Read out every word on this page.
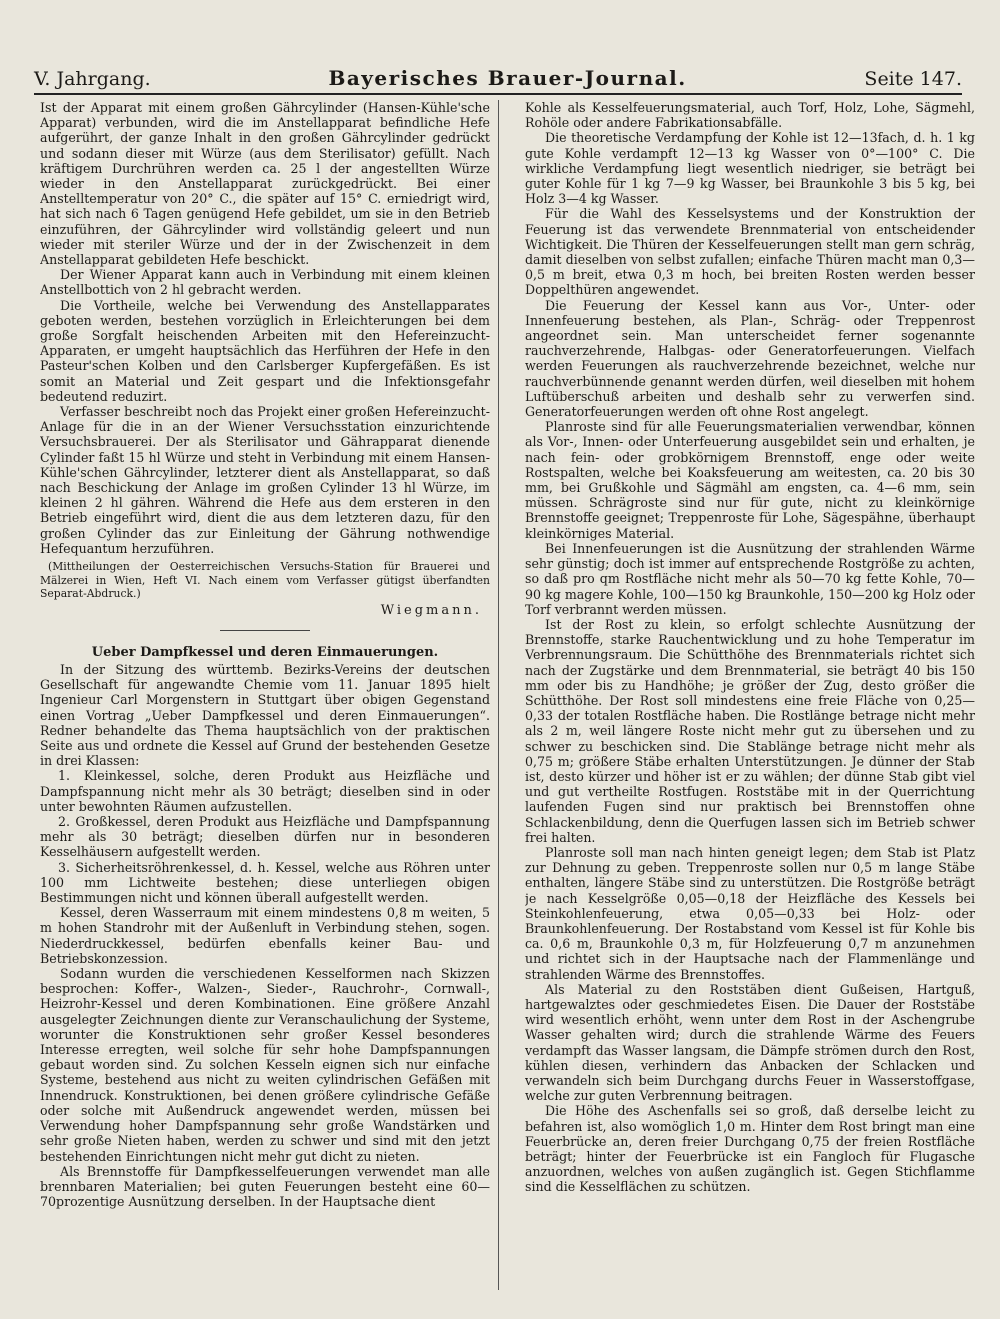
V. Jahrgang.	Bayerisches Brauer-Journal.	Seite 147.

Ist der Apparat mit einem großen Gährcylinder (Hansen-Kühle'sche Apparat) verbunden, wird die im Anstellapparat befindliche Hefe aufgerührt, der ganze Inhalt in den großen Gährcylinder gedrückt und sodann dieser mit Würze (aus dem Sterilisator) gefüllt. Nach kräftigem Durchrühren werden ca. 25 l der angestellten Würze wieder in den Anstellapparat zurückgedrückt. Bei einer Anstelltemperatur von 20° C., die später auf 15° C. erniedrigt wird, hat sich nach 6 Tagen genügend Hefe gebildet, um sie in den Betrieb einzuführen, der Gährcylinder wird vollständig geleert und nun wieder mit steriler Würze und der in der Zwischenzeit in dem Anstellapparat gebildeten Hefe beschickt.

Der Wiener Apparat kann auch in Verbindung mit einem kleinen Anstellbottich von 2 hl gebracht werden.

Die Vortheile, welche bei Verwendung des Anstellapparates geboten werden, bestehen vorzüglich in Erleichterungen bei dem große Sorgfalt heischenden Arbeiten mit den Hefereinzucht-Apparaten, er umgeht hauptsächlich das Herführen der Hefe in den Pasteur'schen Kolben und den Carlsberger Kupfergefäßen. Es ist somit an Material und Zeit gespart und die Infektionsgefahr bedeutend reduzirt.

Verfasser beschreibt noch das Projekt einer großen Hefereinzucht-Anlage für die in an der Wiener Versuchsstation einzurichtende Versuchsbrauerei. Der als Sterilisator und Gährapparat dienende Cylinder faßt 15 hl Würze und steht in Verbindung mit einem Hansen-Kühle'schen Gährcylinder, letzterer dient als Anstellapparat, so daß nach Beschickung der Anlage im großen Cylinder 13 hl Würze, im kleinen 2 hl gähren. Während die Hefe aus dem ersteren in den Betrieb eingeführt wird, dient die aus dem letzteren dazu, für den großen Cylinder das zur Einleitung der Gährung nothwendige Hefequantum herzuführen.

(Mittheilungen der Oesterreichischen Versuchs-Station für Brauerei und Mälzerei in Wien, Heft VI. Nach einem vom Verfasser gütigst überfandten Separat-Abdruck.)

Wiegmann.

Ueber Dampfkessel und deren Einmauerungen.

In der Sitzung des württemb. Bezirks-Vereins der deutschen Gesellschaft für angewandte Chemie vom 11. Januar 1895 hielt Ingenieur Carl Morgenstern in Stuttgart über obigen Gegenstand einen Vortrag „Ueber Dampfkessel und deren Einmauerungen“. Redner behandelte das Thema hauptsächlich von der praktischen Seite aus und ordnete die Kessel auf Grund der bestehenden Gesetze in drei Klassen:

1. Kleinkessel, solche, deren Produkt aus Heizfläche und Dampfspannung nicht mehr als 30 beträgt; dieselben sind in oder unter bewohnten Räumen aufzustellen.

2. Großkessel, deren Produkt aus Heizfläche und Dampfspannung mehr als 30 beträgt; dieselben dürfen nur in besonderen Kesselhäusern aufgestellt werden.

3. Sicherheitsröhrenkessel, d. h. Kessel, welche aus Röhren unter 100 mm Lichtweite bestehen; diese unterliegen obigen Bestimmungen nicht und können überall aufgestellt werden.

Kessel, deren Wasserraum mit einem mindestens 0,8 m weiten, 5 m hohen Standrohr mit der Außenluft in Verbindung stehen, sogen. Niederdruckkessel, bedürfen ebenfalls keiner Bau- und Betriebskonzession.

Sodann wurden die verschiedenen Kesselformen nach Skizzen besprochen: Koffer-, Walzen-, Sieder-, Rauchrohr-, Cornwall-, Heizrohr-Kessel und deren Kombinationen. Eine größere Anzahl ausgelegter Zeichnungen diente zur Veranschaulichung der Systeme, worunter die Konstruktionen sehr großer Kessel besonderes Interesse erregten, weil solche für sehr hohe Dampfspannungen gebaut worden sind. Zu solchen Kesseln eignen sich nur einfache Systeme, bestehend aus nicht zu weiten cylindrischen Gefäßen mit Innendruck. Konstruktionen, bei denen größere cylindrische Gefäße oder solche mit Außendruck angewendet werden, müssen bei Verwendung hoher Dampfspannung sehr große Wandstärken und sehr große Nieten haben, werden zu schwer und sind mit den jetzt bestehenden Einrichtungen nicht mehr gut dicht zu nieten.

Als Brennstoffe für Dampfkesselfeuerungen verwendet man alle brennbaren Materialien; bei guten Feuerungen besteht eine 60—70prozentige Ausnützung derselben. In der Hauptsache dient

Kohle als Kesselfeuerungsmaterial, auch Torf, Holz, Lohe, Sägmehl, Rohöle oder andere Fabrikationsabfälle.

Die theoretische Verdampfung der Kohle ist 12—13fach, d. h. 1 kg gute Kohle verdampft 12—13 kg Wasser von 0°—100° C. Die wirkliche Verdampfung liegt wesentlich niedriger, sie beträgt bei guter Kohle für 1 kg 7—9 kg Wasser, bei Braunkohle 3 bis 5 kg, bei Holz 3—4 kg Wasser.

Für die Wahl des Kesselsystems und der Konstruktion der Feuerung ist das verwendete Brennmaterial von entscheidender Wichtigkeit. Die Thüren der Kesselfeuerungen stellt man gern schräg, damit dieselben von selbst zufallen; einfache Thüren macht man 0,3—0,5 m breit, etwa 0,3 m hoch, bei breiten Rosten werden besser Doppelthüren angewendet.

Die Feuerung der Kessel kann aus Vor-, Unter- oder Innenfeuerung bestehen, als Plan-, Schräg- oder Treppenrost angeordnet sein. Man unterscheidet ferner sogenannte rauchverzehrende, Halbgas- oder Generatorfeuerungen. Vielfach werden Feuerungen als rauchverzehrende bezeichnet, welche nur rauchverbünnende genannt werden dürfen, weil dieselben mit hohem Luftüberschuß arbeiten und deshalb sehr zu verwerfen sind. Generatorfeuerungen werden oft ohne Rost angelegt.

Planroste sind für alle Feuerungsmaterialien verwendbar, können als Vor-, Innen- oder Unterfeuerung ausgebildet sein und erhalten, je nach fein- oder grobkörnigem Brennstoff, enge oder weite Rostspalten, welche bei Koaksfeuerung am weitesten, ca. 20 bis 30 mm, bei Grußkohle und Sägmähl am engsten, ca. 4—6 mm, sein müssen. Schrägroste sind nur für gute, nicht zu kleinkörnige Brennstoffe geeignet; Treppenroste für Lohe, Sägespähne, überhaupt kleinkörniges Material.

Bei Innenfeuerungen ist die Ausnützung der strahlenden Wärme sehr günstig; doch ist immer auf entsprechende Rostgröße zu achten, so daß pro qm Rostfläche nicht mehr als 50—70 kg fette Kohle, 70—90 kg magere Kohle, 100—150 kg Braunkohle, 150—200 kg Holz oder Torf verbrannt werden müssen.

Ist der Rost zu klein, so erfolgt schlechte Ausnützung der Brennstoffe, starke Rauchentwicklung und zu hohe Temperatur im Verbrennungsraum. Die Schütthöhe des Brennmaterials richtet sich nach der Zugstärke und dem Brennmaterial, sie beträgt 40 bis 150 mm oder bis zu Handhöhe; je größer der Zug, desto größer die Schütthöhe. Der Rost soll mindestens eine freie Fläche von 0,25—0,33 der totalen Rostfläche haben. Die Rostlänge betrage nicht mehr als 2 m, weil längere Roste nicht mehr gut zu übersehen und zu schwer zu beschicken sind. Die Stablänge betrage nicht mehr als 0,75 m; größere Stäbe erhalten Unterstützungen. Je dünner der Stab ist, desto kürzer und höher ist er zu wählen; der dünne Stab gibt viel und gut vertheilte Rostfugen. Roststäbe mit in der Querrichtung laufenden Fugen sind nur praktisch bei Brennstoffen ohne Schlackenbildung, denn die Querfugen lassen sich im Betrieb schwer frei halten.

Planroste soll man nach hinten geneigt legen; dem Stab ist Platz zur Dehnung zu geben. Treppenroste sollen nur 0,5 m lange Stäbe enthalten, längere Stäbe sind zu unterstützen. Die Rostgröße beträgt je nach Kesselgröße 0,05—0,18 der Heizfläche des Kessels bei Steinkohlenfeuerung, etwa 0,05—0,33 bei Holz- oder Braunkohlenfeuerung. Der Rostabstand vom Kessel ist für Kohle bis ca. 0,6 m, Braunkohle 0,3 m, für Holzfeuerung 0,7 m anzunehmen und richtet sich in der Hauptsache nach der Flammenlänge und strahlenden Wärme des Brennstoffes.

Als Material zu den Roststäben dient Gußeisen, Hartguß, hartgewalztes oder geschmiedetes Eisen. Die Dauer der Roststäbe wird wesentlich erhöht, wenn unter dem Rost in der Aschengrube Wasser gehalten wird; durch die strahlende Wärme des Feuers verdampft das Wasser langsam, die Dämpfe strömen durch den Rost, kühlen diesen, verhindern das Anbacken der Schlacken und verwandeln sich beim Durchgang durchs Feuer in Wasserstoffgase, welche zur guten Verbrennung beitragen.

Die Höhe des Aschenfalls sei so groß, daß derselbe leicht zu befahren ist, also womöglich 1,0 m. Hinter dem Rost bringt man eine Feuerbrücke an, deren freier Durchgang 0,75 der freien Rostfläche beträgt; hinter der Feuerbrücke ist ein Fangloch für Flugasche anzuordnen, welches von außen zugänglich ist. Gegen Stichflamme sind die Kesselflächen zu schützen.
